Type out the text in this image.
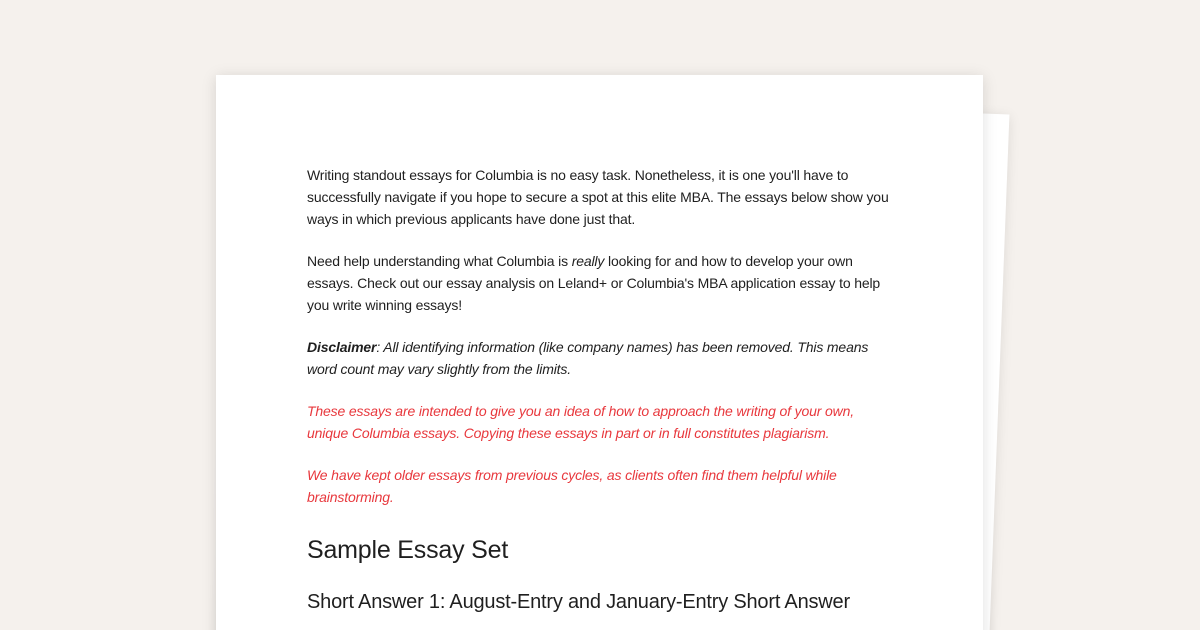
Writing standout essays for Columbia is no easy task. Nonetheless, it is one you'll have to successfully navigate if you hope to secure a spot at this elite MBA. The essays below show you ways in which previous applicants have done just that.

Need help understanding what Columbia is really looking for and how to develop your own essays. Check out our essay analysis on Leland+ or Columbia's MBA application essay to help you write winning essays!

Disclaimer: All identifying information (like company names) has been removed. This means word count may vary slightly from the limits.

These essays are intended to give you an idea of how to approach the writing of your own, unique Columbia essays. Copying these essays in part or in full constitutes plagiarism.

We have kept older essays from previous cycles, as clients often find them helpful while brainstorming.

Sample Essay Set
Short Answer 1: August-Entry and January-Entry Short Answer
